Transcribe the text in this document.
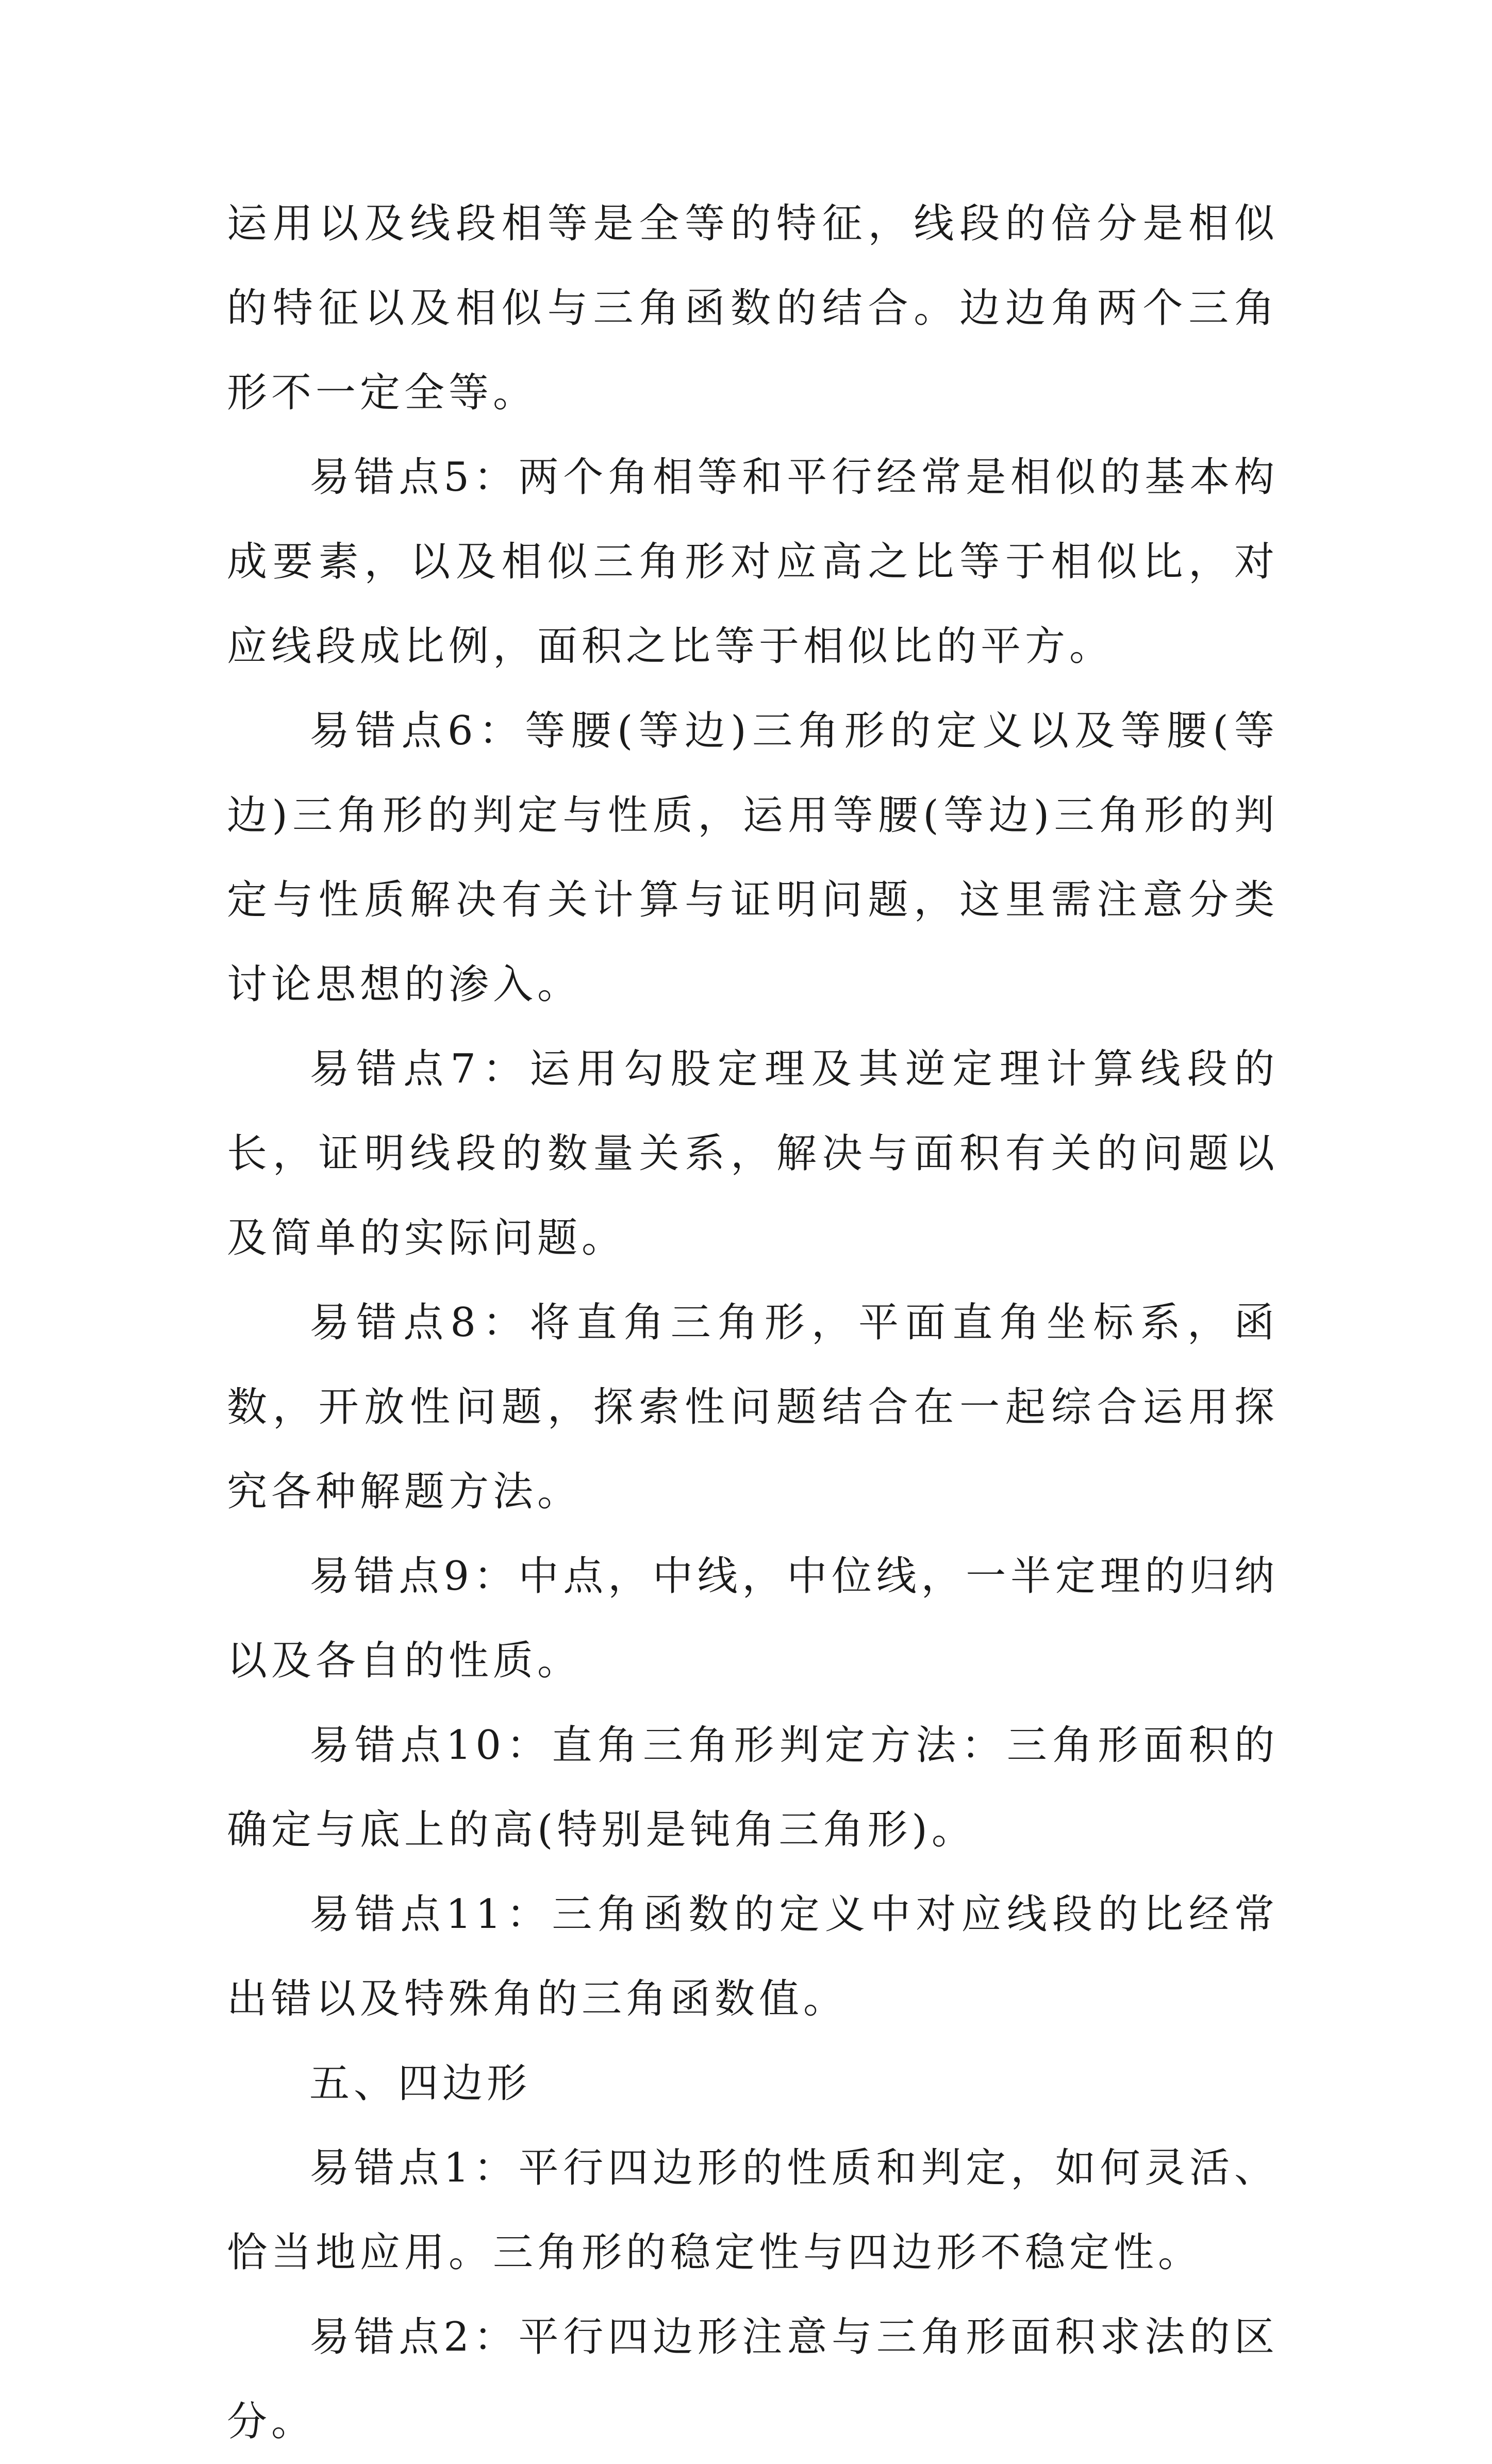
运用以及线段相等是全等的特征，线段的倍分是相似的特征以及相似与三角函数的结合。边边角两个三角形不一定全等。

易错点5：两个角相等和平行经常是相似的基本构成要素，以及相似三角形对应高之比等于相似比，对应线段成比例，面积之比等于相似比的平方。

易错点6：等腰(等边)三角形的定义以及等腰(等边)三角形的判定与性质，运用等腰(等边)三角形的判定与性质解决有关计算与证明问题，这里需注意分类讨论思想的渗入。

易错点7：运用勾股定理及其逆定理计算线段的长，证明线段的数量关系，解决与面积有关的问题以及简单的实际问题。

易错点8：将直角三角形，平面直角坐标系，函数，开放性问题，探索性问题结合在一起综合运用探究各种解题方法。

易错点9：中点，中线，中位线，一半定理的归纳以及各自的性质。

易错点10：直角三角形判定方法：三角形面积的确定与底上的高(特别是钝角三角形)。

易错点11：三角函数的定义中对应线段的比经常出错以及特殊角的三角函数值。

五、四边形

易错点1：平行四边形的性质和判定，如何灵活、恰当地应用。三角形的稳定性与四边形不稳定性。

易错点2：平行四边形注意与三角形面积求法的区分。
